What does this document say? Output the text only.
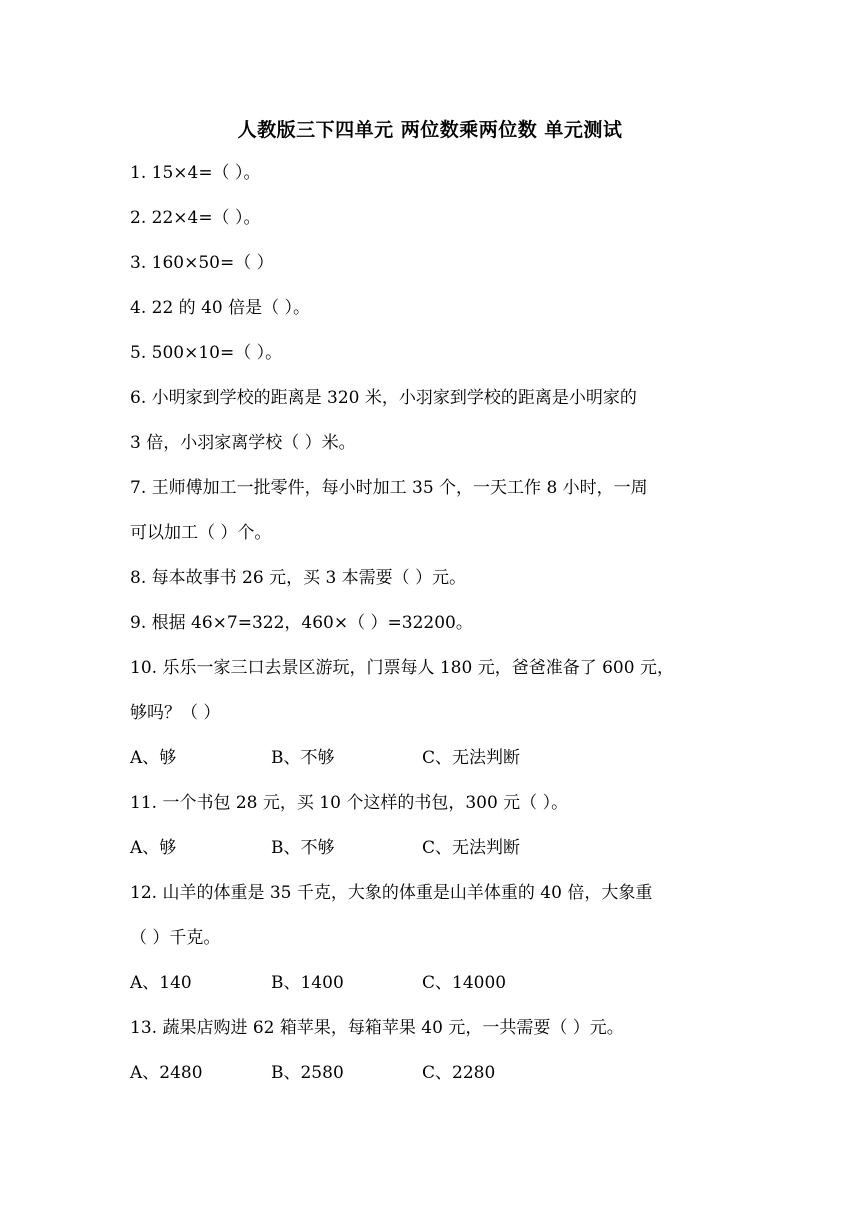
人教版三下四单元 两位数乘两位数 单元测试
1. 15×4=（ ）。
2. 22×4=（ ）。
3. 160×50=（ ）
4. 22 的 40 倍是（ ）。
5. 500×10=（ ）。
6. 小明家到学校的距离是 320 米，小羽家到学校的距离是小明家的
3 倍，小羽家离学校（ ）米。
7. 王师傅加工一批零件，每小时加工 35 个，一天工作 8 小时，一周
可以加工（ ）个。
8. 每本故事书 26 元，买 3 本需要（ ）元。
9. 根据 46×7=322，460×（ ）=32200。
10. 乐乐一家三口去景区游玩，门票每人 180 元，爸爸准备了 600 元，
够吗？（ ）
A、够	B、不够	C、无法判断
11. 一个书包 28 元，买 10 个这样的书包，300 元（ ）。
A、够	B、不够	C、无法判断
12. 山羊的体重是 35 千克，大象的体重是山羊体重的 40 倍，大象重
（ ）千克。
A、140	B、1400	C、14000
13. 蔬果店购进 62 箱苹果，每箱苹果 40 元，一共需要（ ）元。
A、2480	B、2580	C、2280
